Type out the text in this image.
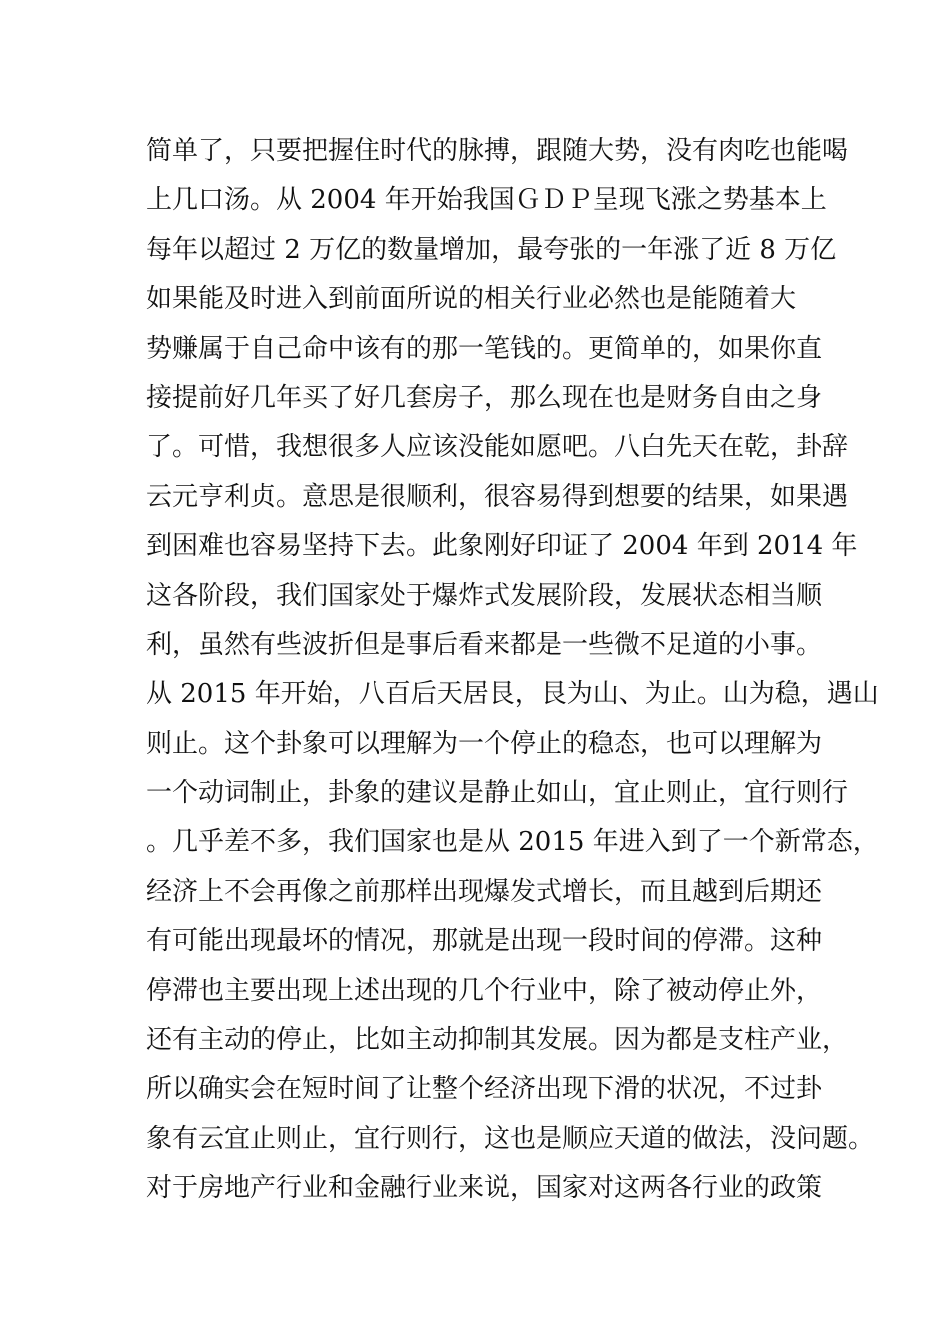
简单了，只要把握住时代的脉搏，跟随大势，没有肉吃也能喝
上几口汤。从 2004 年开始我国ＧＤＰ呈现飞涨之势基本上
每年以超过 2 万亿的数量增加，最夸张的一年涨了近 8 万亿
如果能及时进入到前面所说的相关行业必然也是能随着大
势赚属于自己命中该有的那一笔钱的。更简单的，如果你直
接提前好几年买了好几套房子，那么现在也是财务自由之身
了。可惜，我想很多人应该没能如愿吧。八白先天在乾，卦辞
云元亨利贞。意思是很顺利，很容易得到想要的结果，如果遇
到困难也容易坚持下去。此象刚好印证了 2004 年到 2014 年
这各阶段，我们国家处于爆炸式发展阶段，发展状态相当顺
利，虽然有些波折但是事后看来都是一些微不足道的小事。
从 2015 年开始，八百后天居艮，艮为山、为止。山为稳，遇山
则止。这个卦象可以理解为一个停止的稳态，也可以理解为
一个动词制止，卦象的建议是静止如山，宜止则止，宜行则行
。几乎差不多，我们国家也是从 2015 年进入到了一个新常态，
经济上不会再像之前那样出现爆发式增长，而且越到后期还
有可能出现最坏的情况，那就是出现一段时间的停滞。这种
停滞也主要出现上述出现的几个行业中，除了被动停止外，
还有主动的停止，比如主动抑制其发展。因为都是支柱产业，
所以确实会在短时间了让整个经济出现下滑的状况，不过卦
象有云宜止则止，宜行则行，这也是顺应天道的做法，没问题。
对于房地产行业和金融行业来说，国家对这两各行业的政策
